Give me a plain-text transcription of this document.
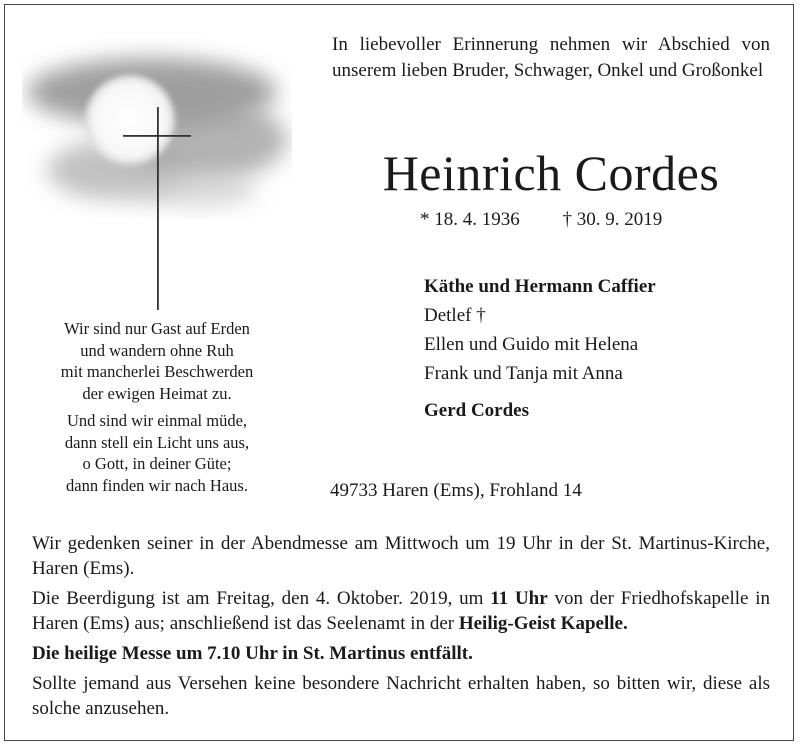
In liebevoller Erinnerung nehmen wir Abschied von unserem lieben Bruder, Schwager, Onkel und Großonkel
Heinrich Cordes
* 18. 4. 1936 † 30. 9. 2019
Käthe und Hermann Caffier
Detlef †
Ellen und Guido mit Helena
Frank und Tanja mit Anna
Gerd Cordes
Wir sind nur Gast auf Erden
und wandern ohne Ruh
mit mancherlei Beschwerden
der ewigen Heimat zu.
Und sind wir einmal müde,
dann stell ein Licht uns aus,
o Gott, in deiner Güte;
dann finden wir nach Haus.	49733 Haren (Ems), Frohland 14

Wir gedenken seiner in der Abendmesse am Mittwoch um 19 Uhr in der St. Martinus-Kirche, Haren (Ems).

Die Beerdigung ist am Freitag, den 4. Oktober. 2019, um 11 Uhr von der Friedhofskapelle in Haren (Ems) aus; anschließend ist das Seelenamt in der Heilig-Geist Kapelle.

Die heilige Messe um 7.10 Uhr in St. Martinus entfällt.

Sollte jemand aus Versehen keine besondere Nachricht erhalten haben, so bitten wir, diese als solche anzusehen.
